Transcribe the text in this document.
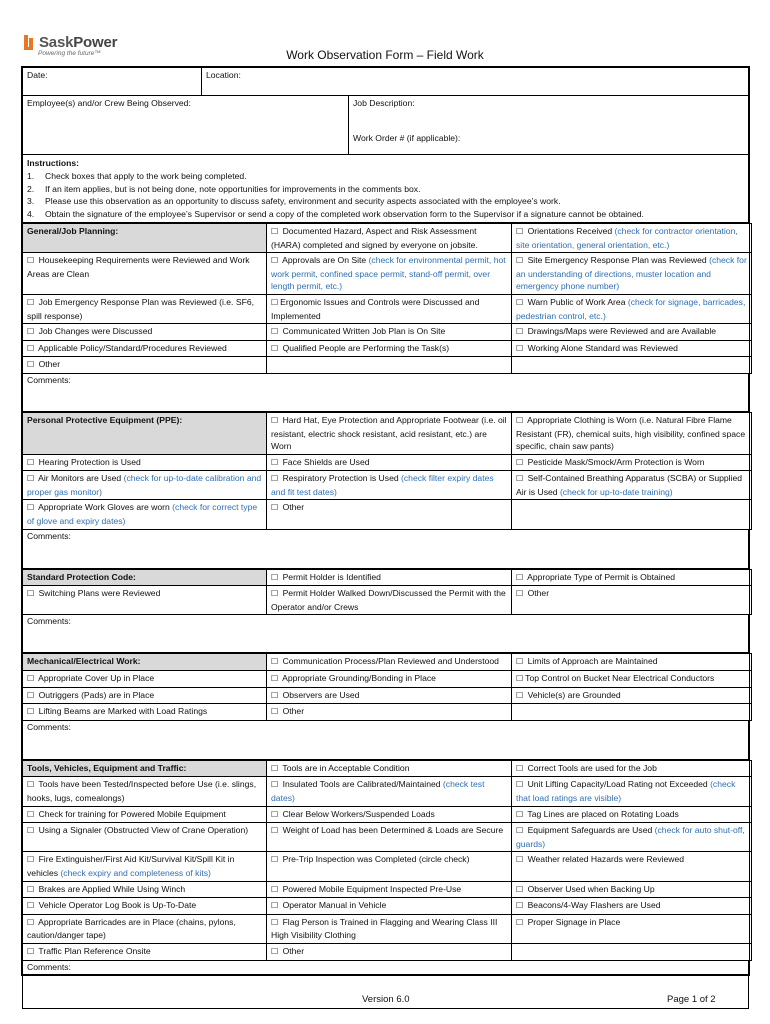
SaskPower
Powering the future™	Work Observation Form – Field Work
Date:	Location:	
Employee(s) and/or Crew Being Observed:		Job Description:
Work Order # (if applicable):
Instructions:
1. Check boxes that apply to the work being completed.
2. If an item applies, but is not being done, note opportunities for improvements in the comments box.
3. Please use this observation as an opportunity to discuss safety, environment and security aspects associated with the employee’s work.
4. Obtain the signature of the employee’s Supervisor or send a copy of the completed work observation form to the Supervisor if a signature cannot be obtained.
General/Job Planning:	☐ Documented Hazard, Aspect and Risk Assessment (HARA) completed and signed by everyone on jobsite.	☐ Orientations Received (check for contractor orientation, site orientation, general orientation, etc.)
☐ Housekeeping Requirements were Reviewed and Work Areas are Clean	☐ Approvals are On Site (check for environmental permit, hot work permit, confined space permit, stand-off permit, over length permit, etc.)	☐ Site Emergency Response Plan was Reviewed (check for an understanding of directions, muster location and emergency phone number)
☐ Job Emergency Response Plan was Reviewed (i.e. SF6, spill response)	☐ Ergonomic Issues and Controls were Discussed and Implemented	☐ Warn Public of Work Area (check for signage, barricades, pedestrian control, etc.)
☐ Job Changes were Discussed	☐ Communicated Written Job Plan is On Site	☐ Drawings/Maps were Reviewed and are Available
☐ Applicable Policy/Standard/Procedures Reviewed	☐ Qualified People are Performing the Task(s)	☐ Working Alone Standard was Reviewed
☐ Other		
Comments:
Personal Protective Equipment (PPE):	☐ Hard Hat, Eye Protection and Appropriate Footwear (i.e. oil resistant, electric shock resistant, acid resistant, etc.) are Worn	☐ Appropriate Clothing is Worn (i.e. Natural Fibre Flame Resistant (FR), chemical suits, high visibility, confined space specific, chain saw pants)
☐ Hearing Protection is Used	☐ Face Shields are Used	☐ Pesticide Mask/Smock/Arm Protection is Worn
☐ Air Monitors are Used (check for up-to-date calibration and proper gas monitor)	☐ Respiratory Protection is Used (check filter expiry dates and fit test dates)	☐ Self-Contained Breathing Apparatus (SCBA) or Supplied Air is Used (check for up-to-date training)
☐ Appropriate Work Gloves are worn (check for correct type of glove and expiry dates)	☐ Other	
Comments:
Standard Protection Code:	☐ Permit Holder is Identified	☐ Appropriate Type of Permit is Obtained
☐ Switching Plans were Reviewed	☐ Permit Holder Walked Down/Discussed the Permit with the Operator and/or Crews	☐ Other
Comments:
Mechanical/Electrical Work:	☐ Communication Process/Plan Reviewed and Understood	☐ Limits of Approach are Maintained
☐ Appropriate Cover Up in Place	☐ Appropriate Grounding/Bonding in Place	☐ Top Control on Bucket Near Electrical Conductors
☐ Outriggers (Pads) are in Place	☐ Observers are Used	☐ Vehicle(s) are Grounded
☐ Lifting Beams are Marked with Load Ratings	☐ Other	
Comments:
Tools, Vehicles, Equipment and Traffic:	☐ Tools are in Acceptable Condition	☐ Correct Tools are used for the Job
☐ Tools have been Tested/Inspected before Use (i.e. slings, hooks, lugs, comealongs)	☐ Insulated Tools are Calibrated/Maintained (check test dates)	☐ Unit Lifting Capacity/Load Rating not Exceeded (check that load ratings are visible)
☐ Check for training for Powered Mobile Equipment	☐ Clear Below Workers/Suspended Loads	☐ Tag Lines are placed on Rotating Loads
☐ Using a Signaler (Obstructed View of Crane Operation)	☐ Weight of Load has been Determined & Loads are Secure	☐ Equipment Safeguards are Used (check for auto shut-off, guards)
☐ Fire Extinguisher/First Aid Kit/Survival Kit/Spill Kit in vehicles (check expiry and completeness of kits)	☐ Pre-Trip Inspection was Completed (circle check)	☐ Weather related Hazards were Reviewed
☐ Brakes are Applied While Using Winch	☐ Powered Mobile Equipment Inspected Pre-Use	☐ Observer Used when Backing Up
☐ Vehicle Operator Log Book is Up-To-Date	☐ Operator Manual in Vehicle	☐ Beacons/4-Way Flashers are Used
☐ Appropriate Barricades are in Place (chains, pylons, caution/danger tape)	☐ Flag Person is Trained in Flagging and Wearing Class III High Visibility Clothing	☐ Proper Signage in Place
☐ Traffic Plan Reference Onsite	☐ Other	
Comments:
Version 6.0	Page 1 of 2
